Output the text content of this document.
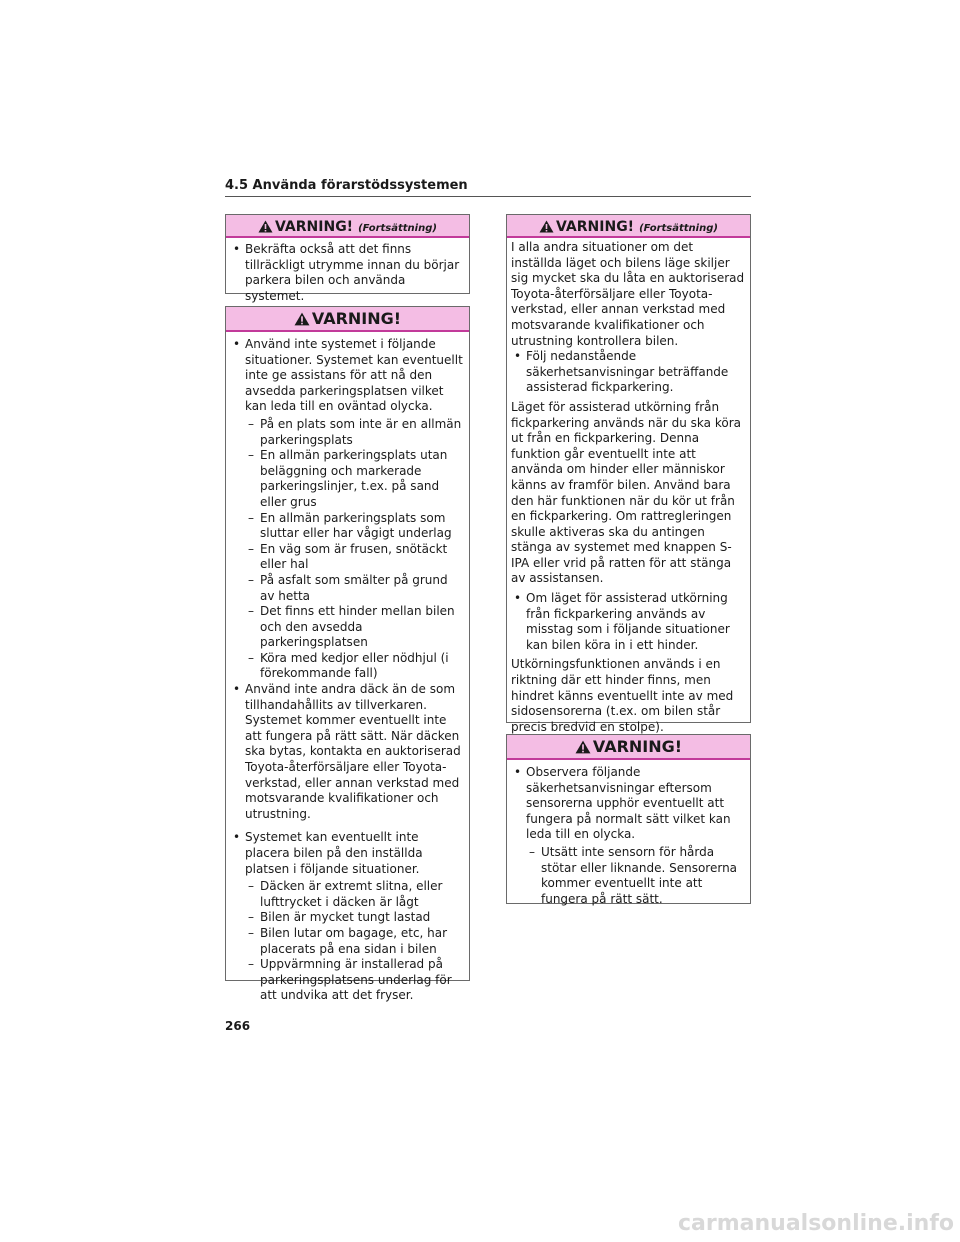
4.5 Använda förarstödssystemen
VARNING! (Fortsättning)
• Bekräfta också att det finns tillräckligt utrymme innan du börjar parkera bilen och använda systemet.
VARNING!
• Använd inte systemet i följande situationer. Systemet kan eventuellt inte ge assistans för att nå den avsedda parkeringsplatsen vilket kan leda till en oväntad olycka.
– På en plats som inte är en allmän parkeringsplats
– En allmän parkeringsplats utan beläggning och markerade parkeringslinjer, t.ex. på sand eller grus
– En allmän parkeringsplats som sluttar eller har vågigt underlag
– En väg som är frusen, snötäckt eller hal
– På asfalt som smälter på grund av hetta
– Det finns ett hinder mellan bilen och den avsedda parkeringsplatsen
– Köra med kedjor eller nödhjul (i förekommande fall)
• Använd inte andra däck än de som tillhandahållits av tillverkaren. Systemet kommer eventuellt inte att fungera på rätt sätt. När däcken ska bytas, kontakta en auktoriserad Toyota-återförsäljare eller Toyota-verkstad, eller annan verkstad med motsvarande kvalifikationer och utrustning.
• Systemet kan eventuellt inte placera bilen på den inställda platsen i följande situationer.
– Däcken är extremt slitna, eller lufttrycket i däcken är lågt
– Bilen är mycket tungt lastad
– Bilen lutar om bagage, etc, har placerats på ena sidan i bilen
– Uppvärmning är installerad på parkeringsplatsens underlag för att undvika att det fryser.
VARNING! (Fortsättning)
I alla andra situationer om det inställda läget och bilens läge skiljer sig mycket ska du låta en auktoriserad Toyota-återförsäljare eller Toyota-verkstad, eller annan verkstad med motsvarande kvalifikationer och utrustning kontrollera bilen.
• Följ nedanstående säkerhetsanvisningar beträffande assisterad fickparkering.
Läget för assisterad utkörning från fickparkering används när du ska köra ut från en fickparkering. Denna funktion går eventuellt inte att använda om hinder eller människor känns av framför bilen. Använd bara den här funktionen när du kör ut från en fickparkering. Om rattregleringen skulle aktiveras ska du antingen stänga av systemet med knappen S-IPA eller vrid på ratten för att stänga av assistansen.
• Om läget för assisterad utkörning från fickparkering används av misstag som i följande situationer kan bilen köra in i ett hinder.
Utkörningsfunktionen används i en riktning där ett hinder finns, men hindret känns eventuellt inte av med sidosensorerna (t.ex. om bilen står precis bredvid en stolpe).
VARNING!
• Observera följande säkerhetsanvisningar eftersom sensorerna upphör eventuellt att fungera på normalt sätt vilket kan leda till en olycka.
– Utsätt inte sensorn för hårda stötar eller liknande. Sensorerna kommer eventuellt inte att fungera på rätt sätt.
266
carmanualsonline.info
